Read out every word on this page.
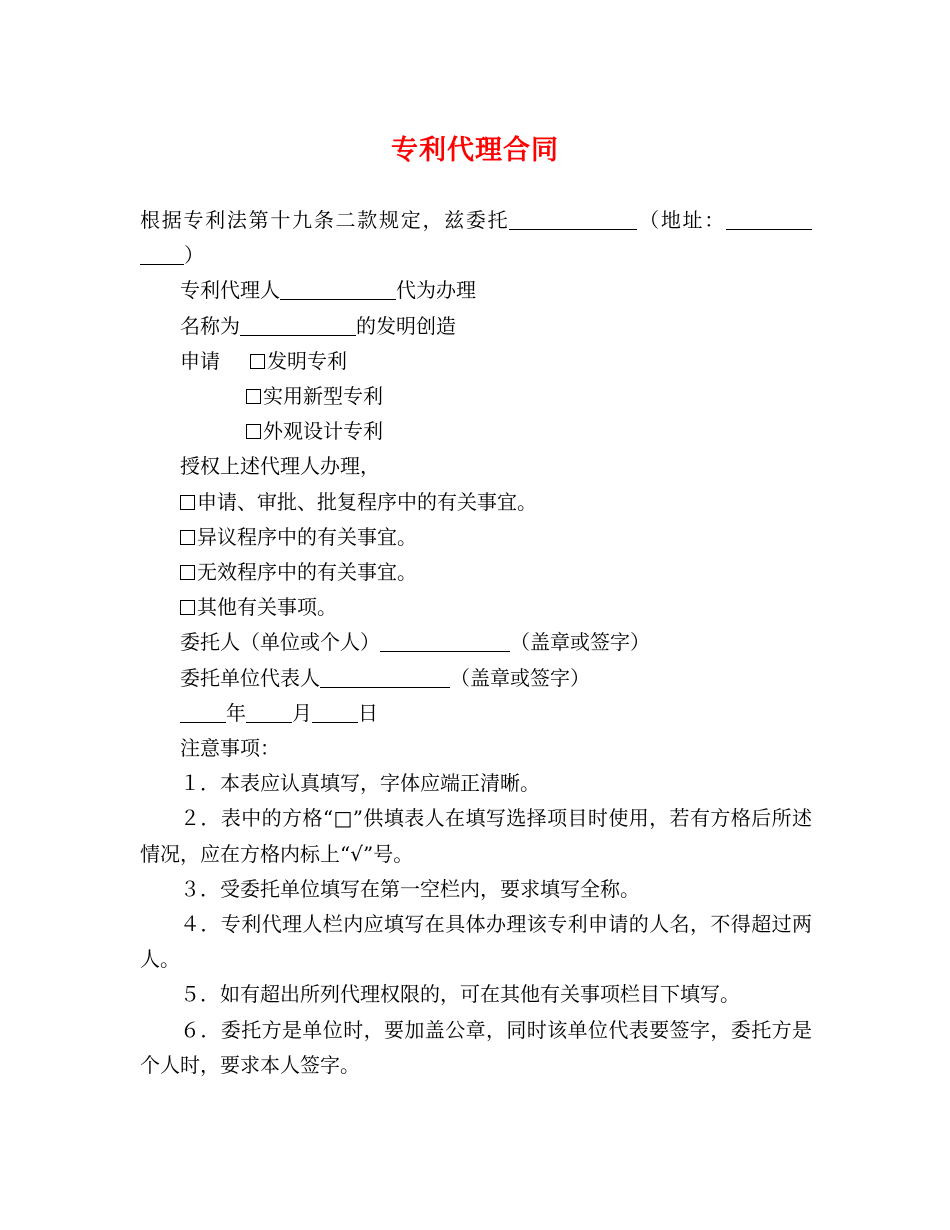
专利代理合同

根据专利法第十九条二款规定，兹委托	（地址：）

专利代理人	代为办理

名称为	的发明创造

申请 发明专利

实用新型专利

外观设计专利

授权上述代理人办理，

申请、审批、批复程序中的有关事宜。

异议程序中的有关事宜。

无效程序中的有关事宜。

其他有关事项。

委托人（单位或个人）	（盖章或签字）

委托单位代表人	（盖章或签字）

年 月 日

注意事项：

１．本表应认真填写，字体应端正清晰。

２．表中的方格“□”供填表人在填写选择项目时使用，若有方格后所述情况，应在方格内标上“√”号。

３．受委托单位填写在第一空栏内，要求填写全称。

４．专利代理人栏内应填写在具体办理该专利申请的人名，不得超过两人。

５．如有超出所列代理权限的，可在其他有关事项栏目下填写。

６．委托方是单位时，要加盖公章，同时该单位代表要签字，委托方是个人时，要求本人签字。
